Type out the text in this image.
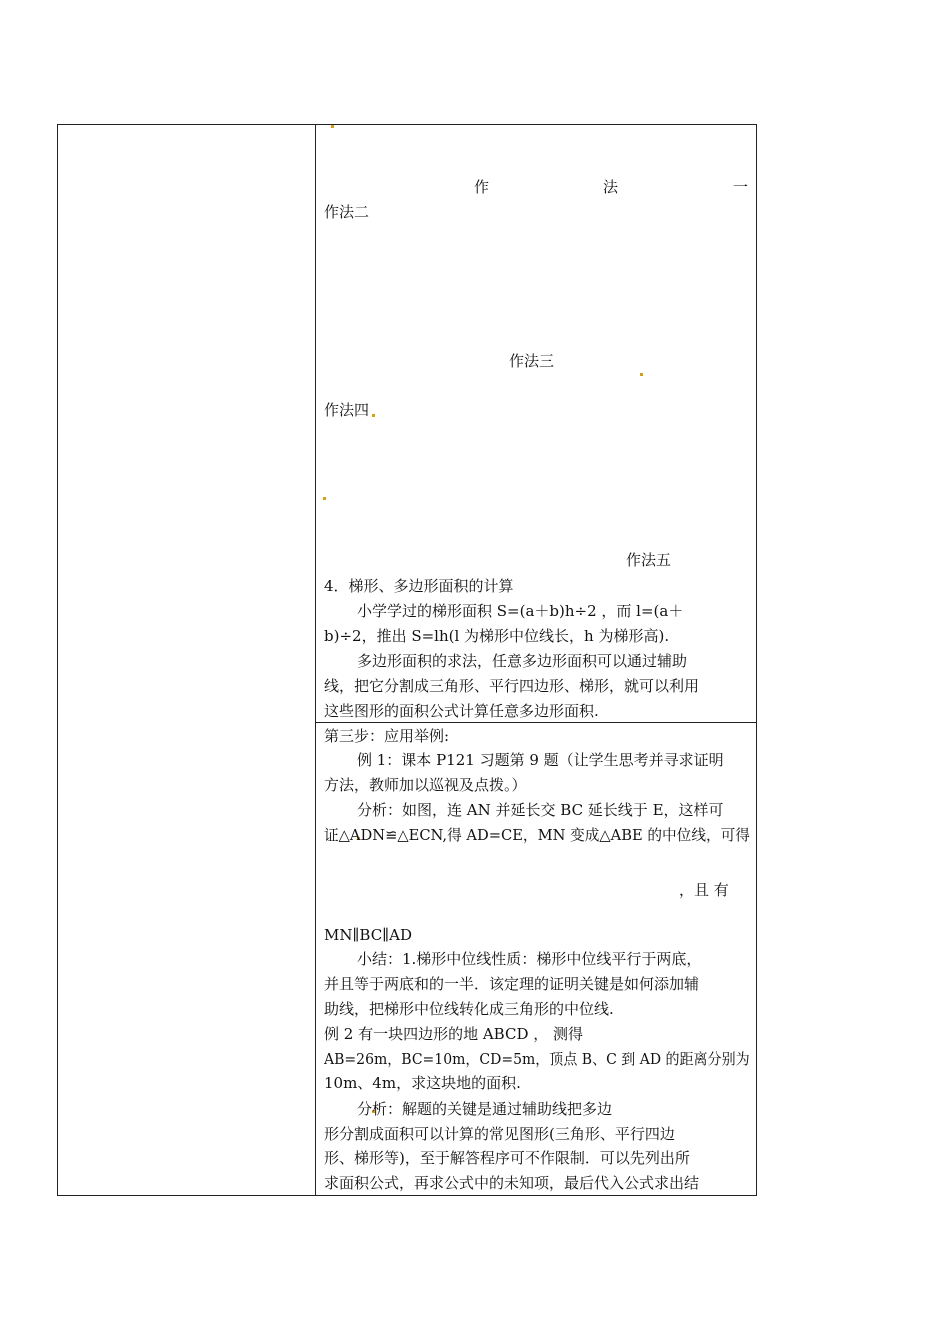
作	法	一
作法二
作法三
作法四
作法五
4．梯形、多边形面积的计算
小学学过的梯形面积 S=(a＋b)h÷2 ，而 l=(a＋
b)÷2，推出 S=lh(l 为梯形中位线长，h 为梯形高).
多边形面积的求法，任意多边形面积可以通过辅助
线，把它分割成三角形、平行四边形、梯形，就可以利用
这些图形的面积公式计算任意多边形面积.
第三步：应用举例:
例 1：课本 P121 习题第 9 题（让学生思考并寻求证明
方法，教师加以巡视及点拨。）
分析：如图，连 AN 并延长交 BC 延长线于 E，这样可
证△ADN≌△ECN,得 AD=CE，MN 变成△ABE 的中位线，可得
，且 有
MN∥BC∥AD
小结：1.梯形中位线性质：梯形中位线平行于两底，
并且等于两底和的一半．该定理的证明关键是如何添加辅
助线，把梯形中位线转化成三角形的中位线.
例 2 有一块四边形的地 ABCD ， 测得
AB=26m，BC=10m，CD=5m，顶点 B、C 到 AD 的距离分别为
10m、4m，求这块地的面积.
分析：解题的关键是通过辅助线把多边
形分割成面积可以计算的常见图形(三角形、平行四边
形、梯形等)，至于解答程序可不作限制．可以先列出所
求面积公式，再求公式中的未知项，最后代入公式求出结
